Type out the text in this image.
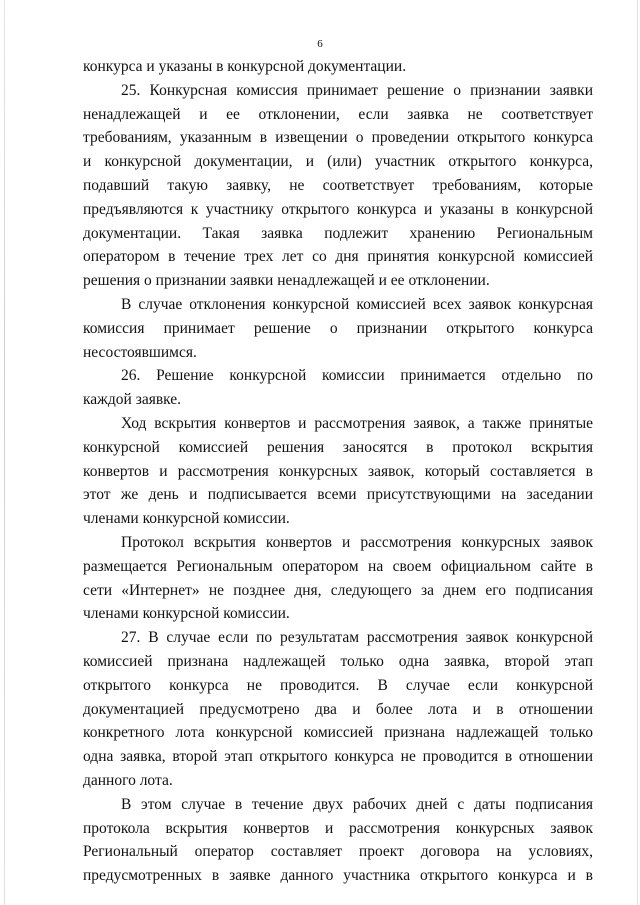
6
конкурса и указаны в конкурсной документации.
25. Конкурсная комиссия принимает решение о признании заявки
ненадлежащей и ее отклонении, если заявка не соответствует
требованиям, указанным в извещении о проведении открытого конкурса
и конкурсной документации, и (или) участник открытого конкурса,
подавший такую заявку, не соответствует требованиям, которые
предъявляются к участнику открытого конкурса и указаны в конкурсной
документации. Такая заявка подлежит хранению Региональным
оператором в течение трех лет со дня принятия конкурсной комиссией
решения о признании заявки ненадлежащей и ее отклонении.
В случае отклонения конкурсной комиссией всех заявок конкурсная
комиссия принимает решение о признании открытого конкурса
несостоявшимся.
26. Решение конкурсной комиссии принимается отдельно по
каждой заявке.
Ход вскрытия конвертов и рассмотрения заявок, а также принятые
конкурсной комиссией решения заносятся в протокол вскрытия
конвертов и рассмотрения конкурсных заявок, который составляется в
этот же день и подписывается всеми присутствующими на заседании
членами конкурсной комиссии.
Протокол вскрытия конвертов и рассмотрения конкурсных заявок
размещается Региональным оператором на своем официальном сайте в
сети «Интернет» не позднее дня, следующего за днем его подписания
членами конкурсной комиссии.
27. В случае если по результатам рассмотрения заявок конкурсной
комиссией признана надлежащей только одна заявка, второй этап
открытого конкурса не проводится. В случае если конкурсной
документацией предусмотрено два и более лота и в отношении
конкретного лота конкурсной комиссией признана надлежащей только
одна заявка, второй этап открытого конкурса не проводится в отношении
данного лота.
В этом случае в течение двух рабочих дней с даты подписания
протокола вскрытия конвертов и рассмотрения конкурсных заявок
Региональный оператор составляет проект договора на условиях,
предусмотренных в заявке данного участника открытого конкурса и в
